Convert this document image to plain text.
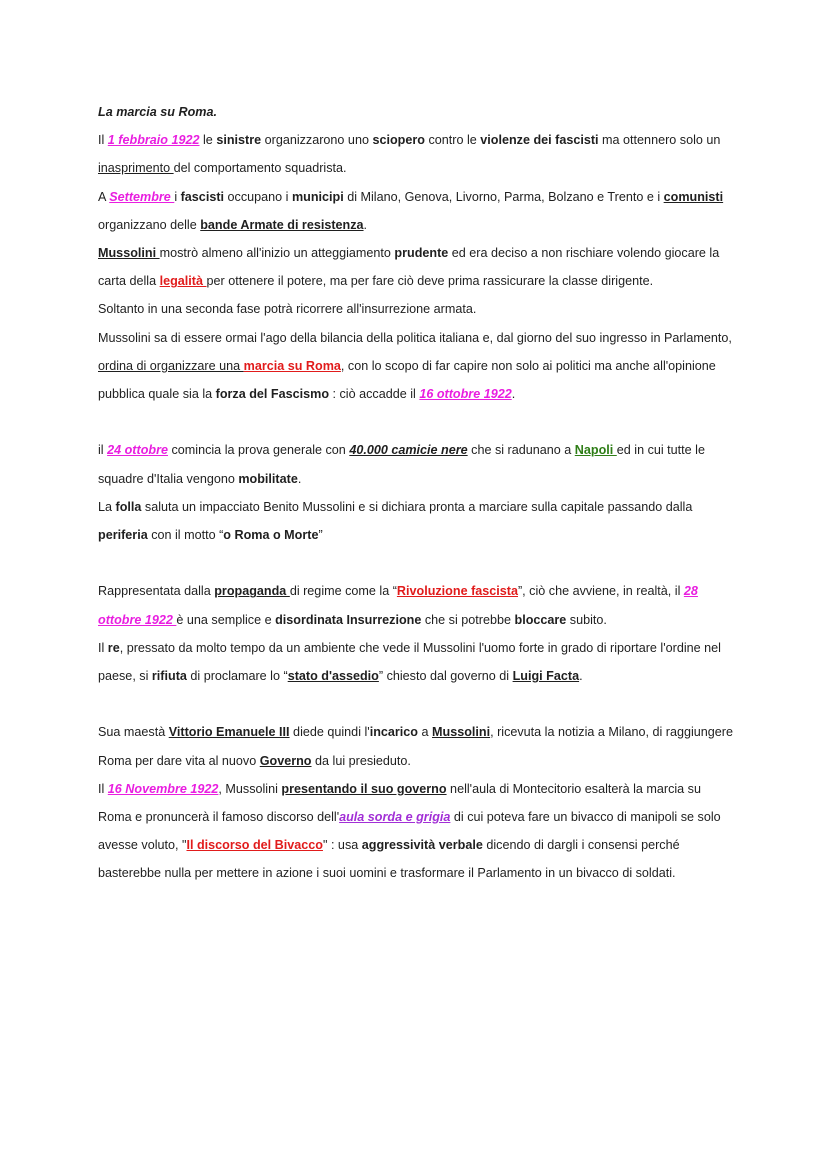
La marcia su Roma.

Il 1 febbraio 1922 le sinistre organizzarono uno sciopero contro le violenze dei fascisti ma ottennero solo un inasprimento del comportamento squadrista.

A Settembre i fascisti occupano i municipi di Milano, Genova, Livorno, Parma, Bolzano e Trento e i comunisti organizzano delle bande Armate di resistenza.

Mussolini mostrò almeno all'inizio un atteggiamento prudente ed era deciso a non rischiare volendo giocare la carta della legalità per ottenere il potere, ma per fare ciò deve prima rassicurare la classe dirigente.

Soltanto in una seconda fase potrà ricorrere all'insurrezione armata.

Mussolini sa di essere ormai l'ago della bilancia della politica italiana e, dal giorno del suo ingresso in Parlamento, ordina di organizzare una marcia su Roma, con lo scopo di far capire non solo ai politici ma anche all'opinione pubblica quale sia la forza del Fascismo : ciò accadde il 16 ottobre 1922.

il 24 ottobre comincia la prova generale con 40.000 camicie nere che si radunano a Napoli ed in cui tutte le squadre d'Italia vengono mobilitate.

La folla saluta un impacciato Benito Mussolini e si dichiara pronta a marciare sulla capitale passando dalla periferia con il motto “o Roma o Morte”

Rappresentata dalla propaganda di regime come la “Rivoluzione fascista”, ciò che avviene, in realtà, il 28 ottobre 1922 è una semplice e disordinata Insurrezione che si potrebbe bloccare subito.

Il re, pressato da molto tempo da un ambiente che vede il Mussolini l'uomo forte in grado di riportare l'ordine nel paese, si rifiuta di proclamare lo “stato d'assedio” chiesto dal governo di Luigi Facta.

Sua maestà Vittorio Emanuele III diede quindi l'incarico a Mussolini, ricevuta la notizia a Milano, di raggiungere Roma per dare vita al nuovo Governo da lui presieduto.

Il 16 Novembre 1922, Mussolini presentando il suo governo nell'aula di Montecitorio esalterà la marcia su Roma e pronuncerà il famoso discorso dell'aula sorda e grigia di cui poteva fare un bivacco di manipoli se solo avesse voluto, "Il discorso del Bivacco" : usa aggressività verbale dicendo di dargli i consensi perché basterebbe nulla per mettere in azione i suoi uomini e trasformare il Parlamento in un bivacco di soldati.
